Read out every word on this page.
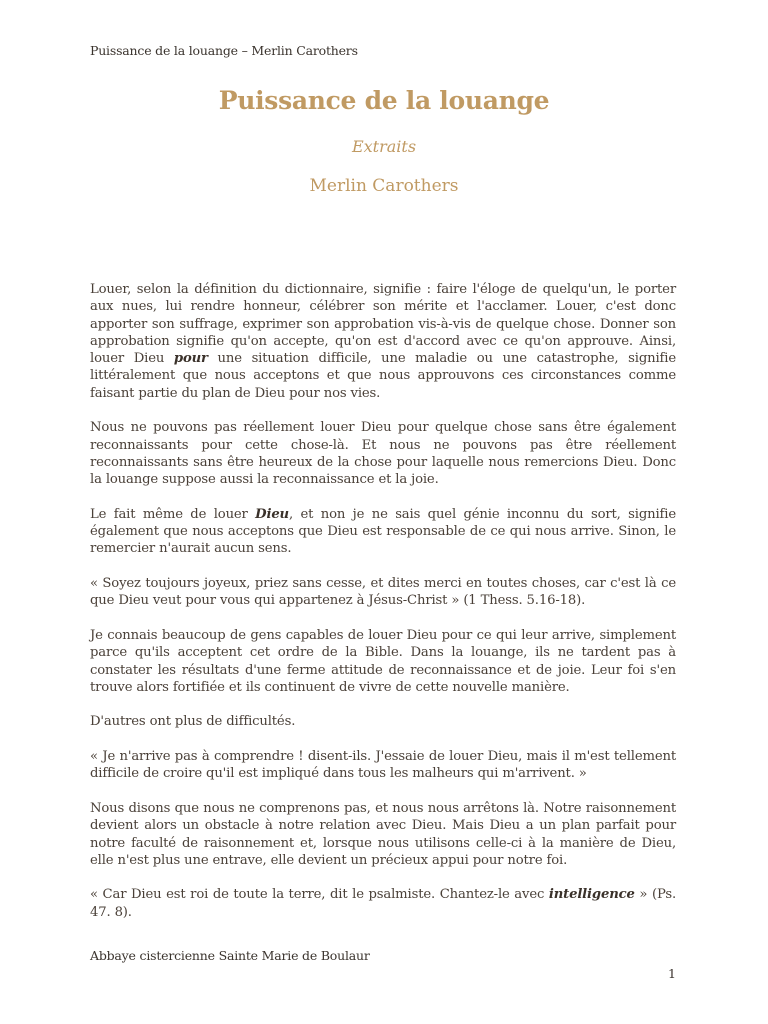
Puissance de la louange – Merlin Carothers
Puissance de la louange
Extraits
Merlin Carothers

Louer, selon la définition du dictionnaire, signifie : faire l'éloge de quelqu'un, le porter aux nues, lui rendre honneur, célébrer son mérite et l'acclamer. Louer, c'est donc apporter son suffrage, exprimer son approbation vis-à-vis de quelque chose. Donner son approbation signifie qu'on accepte, qu'on est d'accord avec ce qu'on approuve. Ainsi, louer Dieu pour une situation difficile, une maladie ou une catastrophe, signifie littéralement que nous acceptons et que nous approuvons ces circonstances comme faisant partie du plan de Dieu pour nos vies.

Nous ne pouvons pas réellement louer Dieu pour quelque chose sans être également reconnaissants pour cette chose-là. Et nous ne pouvons pas être réellement reconnaissants sans être heureux de la chose pour laquelle nous remercions Dieu. Donc la louange suppose aussi la reconnaissance et la joie.

Le fait même de louer Dieu, et non je ne sais quel génie inconnu du sort, signifie également que nous acceptons que Dieu est responsable de ce qui nous arrive. Sinon, le remercier n'aurait aucun sens.

« Soyez toujours joyeux, priez sans cesse, et dites merci en toutes choses, car c'est là ce que Dieu veut pour vous qui appartenez à Jésus-Christ » (1 Thess. 5.16-18).

Je connais beaucoup de gens capables de louer Dieu pour ce qui leur arrive, simplement parce qu'ils acceptent cet ordre de la Bible. Dans la louange, ils ne tardent pas à constater les résultats d'une ferme attitude de reconnaissance et de joie. Leur foi s'en trouve alors fortifiée et ils continuent de vivre de cette nouvelle manière.

D'autres ont plus de difficultés.

« Je n'arrive pas à comprendre ! disent-ils. J'essaie de louer Dieu, mais il m'est tellement difficile de croire qu'il est impliqué dans tous les malheurs qui m'arrivent. »

Nous disons que nous ne comprenons pas, et nous nous arrêtons là. Notre raisonnement devient alors un obstacle à notre relation avec Dieu. Mais Dieu a un plan parfait pour notre faculté de raisonnement et, lorsque nous utilisons celle-ci à la manière de Dieu, elle n'est plus une entrave, elle devient un précieux appui pour notre foi.

« Car Dieu est roi de toute la terre, dit le psalmiste. Chantez-le avec intelligence » (Ps. 47. 8).

Abbaye cistercienne Sainte Marie de Boulaur
1
